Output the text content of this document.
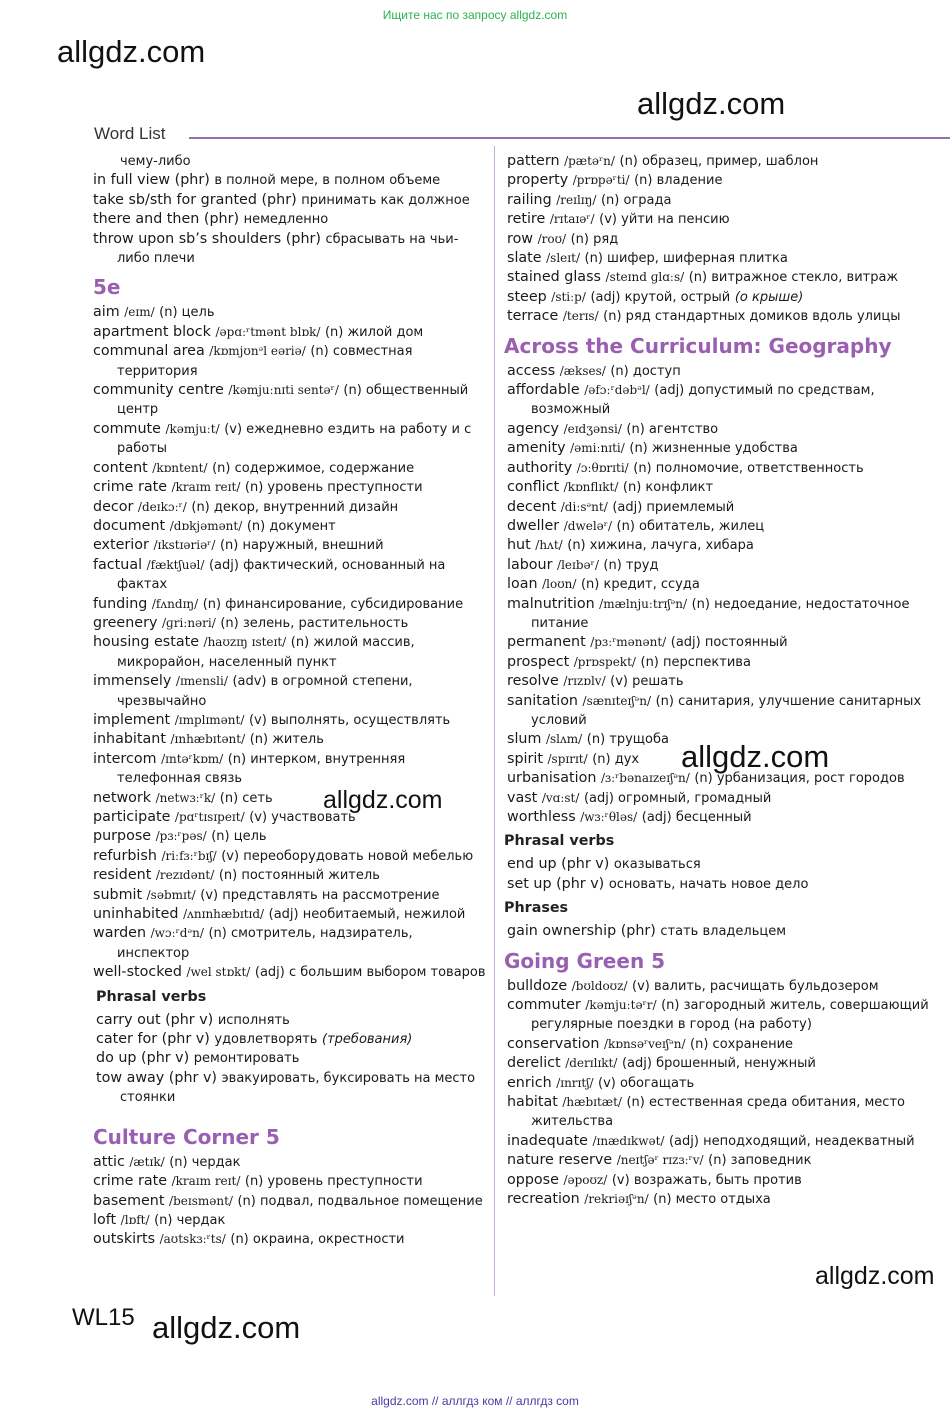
Ищите нас по запросу allgdz.com
allgdz.com
allgdz.com
allgdz.com
allgdz.com
allgdz.com
allgdz.com
Word List
чему-либо
in full view (phr) в полной мере, в полном объеме
take sb/sth for granted (phr) принимать как должное
there and then (phr) немедленно
throw upon sb’s shoulders (phr) сбрасывать на чьи-либо плечи
5e
aim /eɪm/ (n) цель
apartment block /əpɑːʳtmənt blɒk/ (n) жилой дом
communal area /kɒmjʊnᵊl eəriə/ (n) совместная территория
community centre /kəmjuːnɪti sentəʳ/ (n) общественный центр
commute /kəmjuːt/ (v) ежедневно ездить на работу и с работы
content /kɒntent/ (n) содержимое, содержание
crime rate /kraɪm reɪt/ (n) уровень преступности
decor /deɪkɔːʳ/ (n) декор, внутренний дизайн
document /dɒkjəmənt/ (n) документ
exterior /ɪkstɪəriəʳ/ (n) наружный, внешний
factual /fæktʃuəl/ (adj) фактический, основанный на фактах
funding /fʌndɪŋ/ (n) финансирование, субсидирование
greenery /ɡriːnəri/ (n) зелень, растительность
housing estate /haʊzɪŋ ɪsteɪt/ (n) жилой массив, микрорайон, населенный пункт
immensely /ɪmensli/ (adv) в огромной степени, чрезвычайно
implement /ɪmplɪmənt/ (v) выполнять, осуществлять
inhabitant /ɪnhæbɪtənt/ (n) житель
intercom /ɪntəʳkɒm/ (n) интерком, внутренняя телефонная связь
network /netwɜːʳk/ (n) сеть
participate /pɑʳtɪsɪpeɪt/ (v) участвовать
purpose /pɜːʳpəs/ (n) цель
refurbish /riːfɜːʳbɪʃ/ (v) переоборудовать новой мебелью
resident /rezɪdənt/ (n) постоянный житель
submit /səbmɪt/ (v) представлять на рассмотрение
uninhabited /ʌnɪnhæbɪtɪd/ (adj) необитаемый, нежилой
warden /wɔːʳdᵊn/ (n) смотритель, надзиратель, инспектор
well-stocked /wel stɒkt/ (adj) с большим выбором товаров
Phrasal verbs
carry out (phr v) исполнять
cater for (phr v) удовлетворять (требования)
do up (phr v) ремонтировать
tow away (phr v) эвакуировать, буксировать на место стоянки
Culture Corner 5
attic /ætɪk/ (n) чердак
crime rate /kraɪm reɪt/ (n) уровень преступности
basement /beɪsmənt/ (n) подвал, подвальное помещение
loft /lɒft/ (n) чердак
outskirts /aʊtskɜːʳts/ (n) окраина, окрестности
pattern /pætəʳn/ (n) образец, пример, шаблон
property /prɒpəʳti/ (n) владение
railing /reɪlɪŋ/ (n) ограда
retire /rɪtaɪəʳ/ (v) уйти на пенсию
row /roʊ/ (n) ряд
slate /sleɪt/ (n) шифер, шиферная плитка
stained glass /steɪnd ɡlɑːs/ (n) витражное стекло, витраж
steep /stiːp/ (adj) крутой, острый (о крыше)
terrace /terɪs/ (n) ряд стандартных домиков вдоль улицы
Across the Curriculum: Geography
access /ækses/ (n) доступ
affordable /əfɔːʳdəbᵊl/ (adj) допустимый по средствам, возможный
agency /eɪdʒənsi/ (n) агентство
amenity /əmiːnɪti/ (n) жизненные удобства
authority /ɔːθɒrɪti/ (n) полномочие, ответственность
conflict /kɒnflɪkt/ (n) конфликт
decent /diːsᵊnt/ (adj) приемлемый
dweller /dweləʳ/ (n) обитатель, жилец
hut /hʌt/ (n) хижина, лачуга, хибара
labour /leɪbəʳ/ (n) труд
loan /loʊn/ (n) кредит, ссуда
malnutrition /mælnjuːtrɪʃᵊn/ (n) недоедание, недостаточное питание
permanent /pɜːʳmənənt/ (adj) постоянный
prospect /prɒspekt/ (n) перспектива
resolve /rɪzɒlv/ (v) решать
sanitation /sænɪteɪʃᵊn/ (n) санитария, улучшение санитарных условий
slum /slʌm/ (n) трущоба
spirit /spɪrɪt/ (n) дух
urbanisation /ɜːʳbənaɪzeɪʃᵊn/ (n) урбанизация, рост городов
vast /vɑːst/ (adj) огромный, громадный
worthless /wɜːʳθləs/ (adj) бесценный
Phrasal verbs
end up (phr v) оказываться
set up (phr v) основать, начать новое дело
Phrases
gain ownership (phr) стать владельцем
Going Green 5
bulldoze /bʊldoʊz/ (v) валить, расчищать бульдозером
commuter /kəmjuːtəʳr/ (n) загородный житель, совершающий регулярные поездки в город (на работу)
conservation /kɒnsəʳveɪʃᵊn/ (n) сохранение
derelict /derɪlɪkt/ (adj) брошенный, ненужный
enrich /ɪnrɪtʃ/ (v) обогащать
habitat /hæbɪtæt/ (n) естественная среда обитания, место жительства
inadequate /ɪnædɪkwət/ (adj) неподходящий, неадекватный
nature reserve /neɪtʃəʳ rɪzɜːʳv/ (n) заповедник
oppose /əpoʊz/ (v) возражать, быть против
recreation /rekriəɪʃᵊn/ (n) место отдыха
WL15
allgdz.com // аллгдз ком // аллгдз com
